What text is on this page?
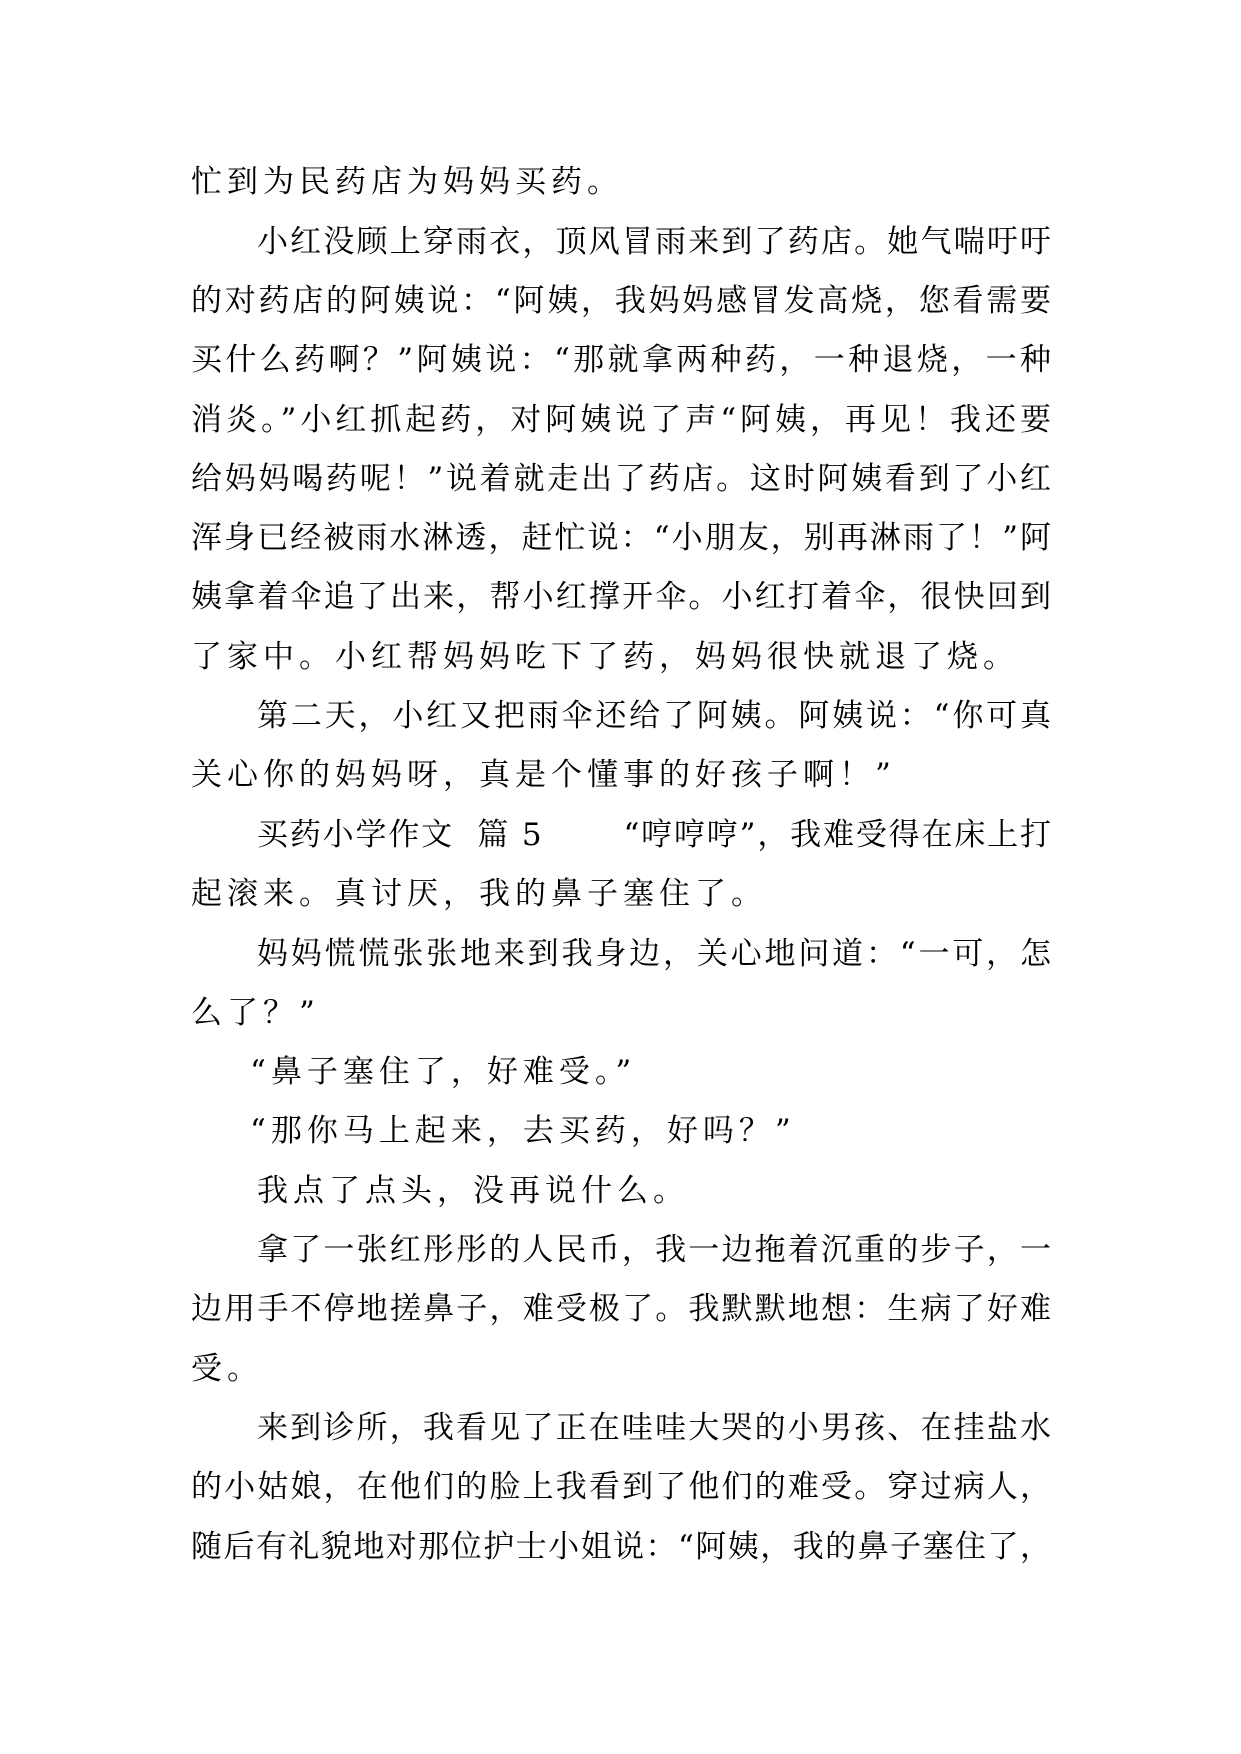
忙到为民药店为妈妈买药。

小红没顾上穿雨衣，顶风冒雨来到了药店。她气喘吁吁

的对药店的阿姨说：“阿姨，我妈妈感冒发高烧，您看需要

买什么药啊？”阿姨说：“那就拿两种药，一种退烧，一种

消炎。”小红抓起药，对阿姨说了声“阿姨，再见！我还要

给妈妈喝药呢！”说着就走出了药店。这时阿姨看到了小红

浑身已经被雨水淋透，赶忙说：“小朋友，别再淋雨了！”阿

姨拿着伞追了出来，帮小红撑开伞。小红打着伞，很快回到

了家中。小红帮妈妈吃下了药，妈妈很快就退了烧。

第二天，小红又把雨伞还给了阿姨。阿姨说：“你可真

关心你的妈妈呀，真是个懂事的好孩子啊！”

买药小学作文  篇 5       “哼哼哼”，我难受得在床上打

起滚来。真讨厌，我的鼻子塞住了。

妈妈慌慌张张地来到我身边，关心地问道：“一可，怎

么了？”

“鼻子塞住了，好难受。”

“那你马上起来，去买药，好吗？”

我点了点头，没再说什么。

拿了一张红彤彤的人民币，我一边拖着沉重的步子，一

边用手不停地搓鼻子，难受极了。我默默地想：生病了好难

受。

来到诊所，我看见了正在哇哇大哭的小男孩、在挂盐水

的小姑娘，在他们的脸上我看到了他们的难受。穿过病人，

随后有礼貌地对那位护士小姐说：“阿姨，我的鼻子塞住了，
